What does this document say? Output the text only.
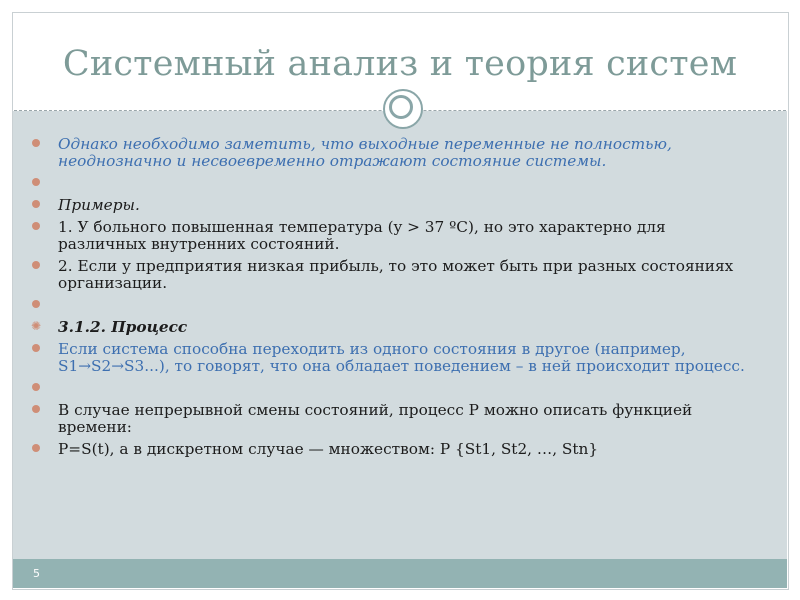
Системный анализ и теория систем
5
Однако необходимо заметить, что выходные переменные не полностью, неоднозначно и несвоевременно отражают состояние системы.
Примеры.
1. У больного повышенная температура (y > 37 ºC), но это характерно для различных внутренних состояний.
2. Если у предприятия низкая прибыль, то это может быть при разных состояниях организации.
✺ 3.1.2. Процесс
Если система способна переходить из одного состояния в другое (например, S1→S2→S3...), то говорят, что она обладает поведением – в ней происходит процесс.
В случае непрерывной смены состояний, процесс P можно описать функцией времени:
P=S(t), а в дискретном случае — множеством: P {St1, St2, …, Stn}
